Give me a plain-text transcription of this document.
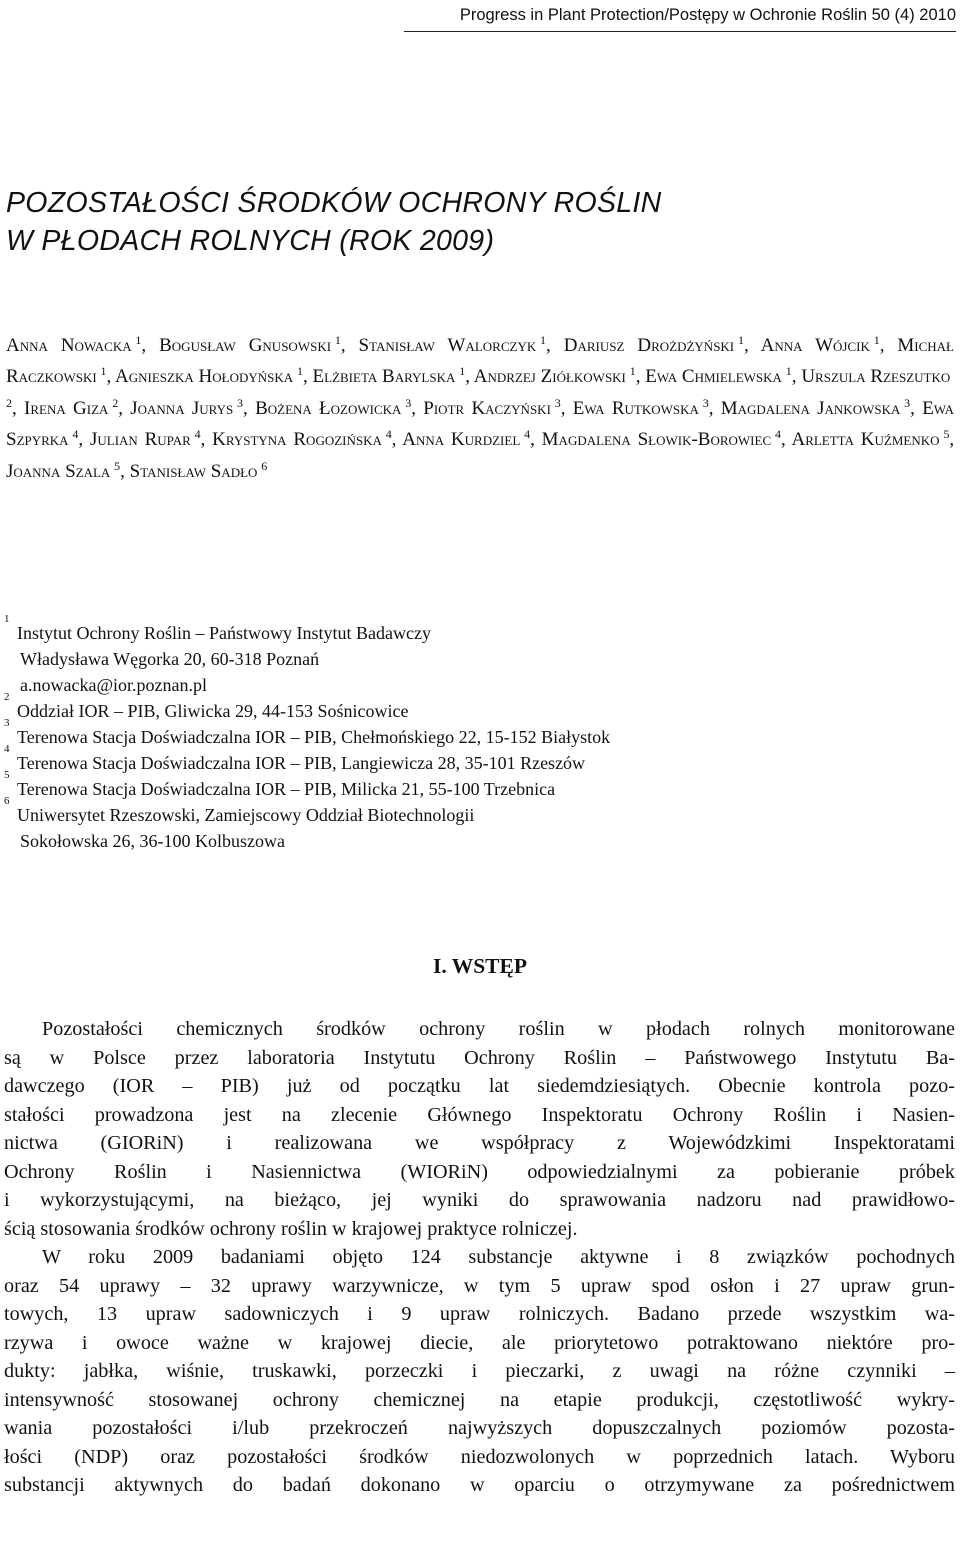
Progress in Plant Protection/Postępy w Ochronie Roślin 50 (4) 2010
POZOSTAŁOŚCI ŚRODKÓW OCHRONY ROŚLIN
W PŁODACH ROLNYCH (ROK 2009)
Anna Nowacka  $^1$, Bogusław Gnusowski  $^1$, Stanisław Walorczyk  $^1$, Dariusz Drożdżyński  $^1$, Anna Wójcik  $^1$, Michał Raczkowski  $^1$, Agnieszka Hołodyńska  $^1$, Elżbieta Barylska  $^1$, Andrzej Ziółkowski  $^1$, Ewa Chmielewska  $^1$, Urszula Rzeszutko $^2$, Irena Giza  $^2$, Joanna Jurys  $^3$, Bożena Łozowicka  $^3$, Piotr Kaczyński  $^3$, Ewa Rutkowska  $^3$, Magdalena Jankowska  $^3$, Ewa Szpyrka  $^4$, Julian Rupar  $^4$, Krystyna Rogozińska  $^4$, Anna Kurdziel  $^4$, Magdalena Słowik-Borowiec  $^4$, Arletta Kuźmenko  $^5$, Joanna Szala  $^5$, Stanisław Sadło  $^6$
1
Instytut Ochrony Roślin – Państwowy Instytut Badawczy
Władysława Węgorka 20, 60-318 Poznań
a.nowacka@ior.poznan.pl
2
Oddział IOR – PIB, Gliwicka 29, 44-153 Sośnicowice
3
Terenowa Stacja Doświadczalna IOR – PIB, Chełmońskiego 22, 15-152 Białystok
4
Terenowa Stacja Doświadczalna IOR – PIB, Langiewicza 28, 35-101 Rzeszów
5
Terenowa Stacja Doświadczalna IOR – PIB, Milicka 21, 55-100 Trzebnica
6
Uniwersytet Rzeszowski, Zamiejscowy Oddział Biotechnologii
Sokołowska 26, 36-100 Kolbuszowa
I. WSTĘP
Pozostałości chemicznych środków ochrony roślin w płodach rolnych monitorowane
są w Polsce przez laboratoria Instytutu Ochrony Roślin – Państwowego Instytutu Ba-
dawczego (IOR – PIB) już od początku lat siedemdziesiątych. Obecnie kontrola pozo-
stałości prowadzona jest na zlecenie Głównego Inspektoratu Ochrony Roślin i Nasien-
nictwa (GIORiN) i realizowana we współpracy z Wojewódzkimi Inspektoratami
Ochrony Roślin i Nasiennictwa (WIORiN) odpowiedzialnymi za pobieranie próbek
i wykorzystującymi, na bieżąco, jej wyniki do sprawowania nadzoru nad prawidłowo-
ścią stosowania środków ochrony roślin w krajowej praktyce rolniczej.
W roku 2009 badaniami objęto 124 substancje aktywne i 8 związków pochodnych
oraz 54 uprawy – 32 uprawy warzywnicze, w tym 5 upraw spod osłon i 27 upraw grun-
towych, 13 upraw sadowniczych i 9 upraw rolniczych. Badano przede wszystkim wa-
rzywa i owoce ważne w krajowej diecie, ale priorytetowo potraktowano niektóre pro-
dukty: jabłka, wiśnie, truskawki, porzeczki i pieczarki, z uwagi na różne czynniki –
intensywność stosowanej ochrony chemicznej na etapie produkcji, częstotliwość wykry-
wania pozostałości i/lub przekroczeń najwyższych dopuszczalnych poziomów pozosta-
łości (NDP) oraz pozostałości środków niedozwolonych w poprzednich latach. Wyboru
substancji aktywnych do badań dokonano w oparciu o otrzymywane za pośrednictwem
